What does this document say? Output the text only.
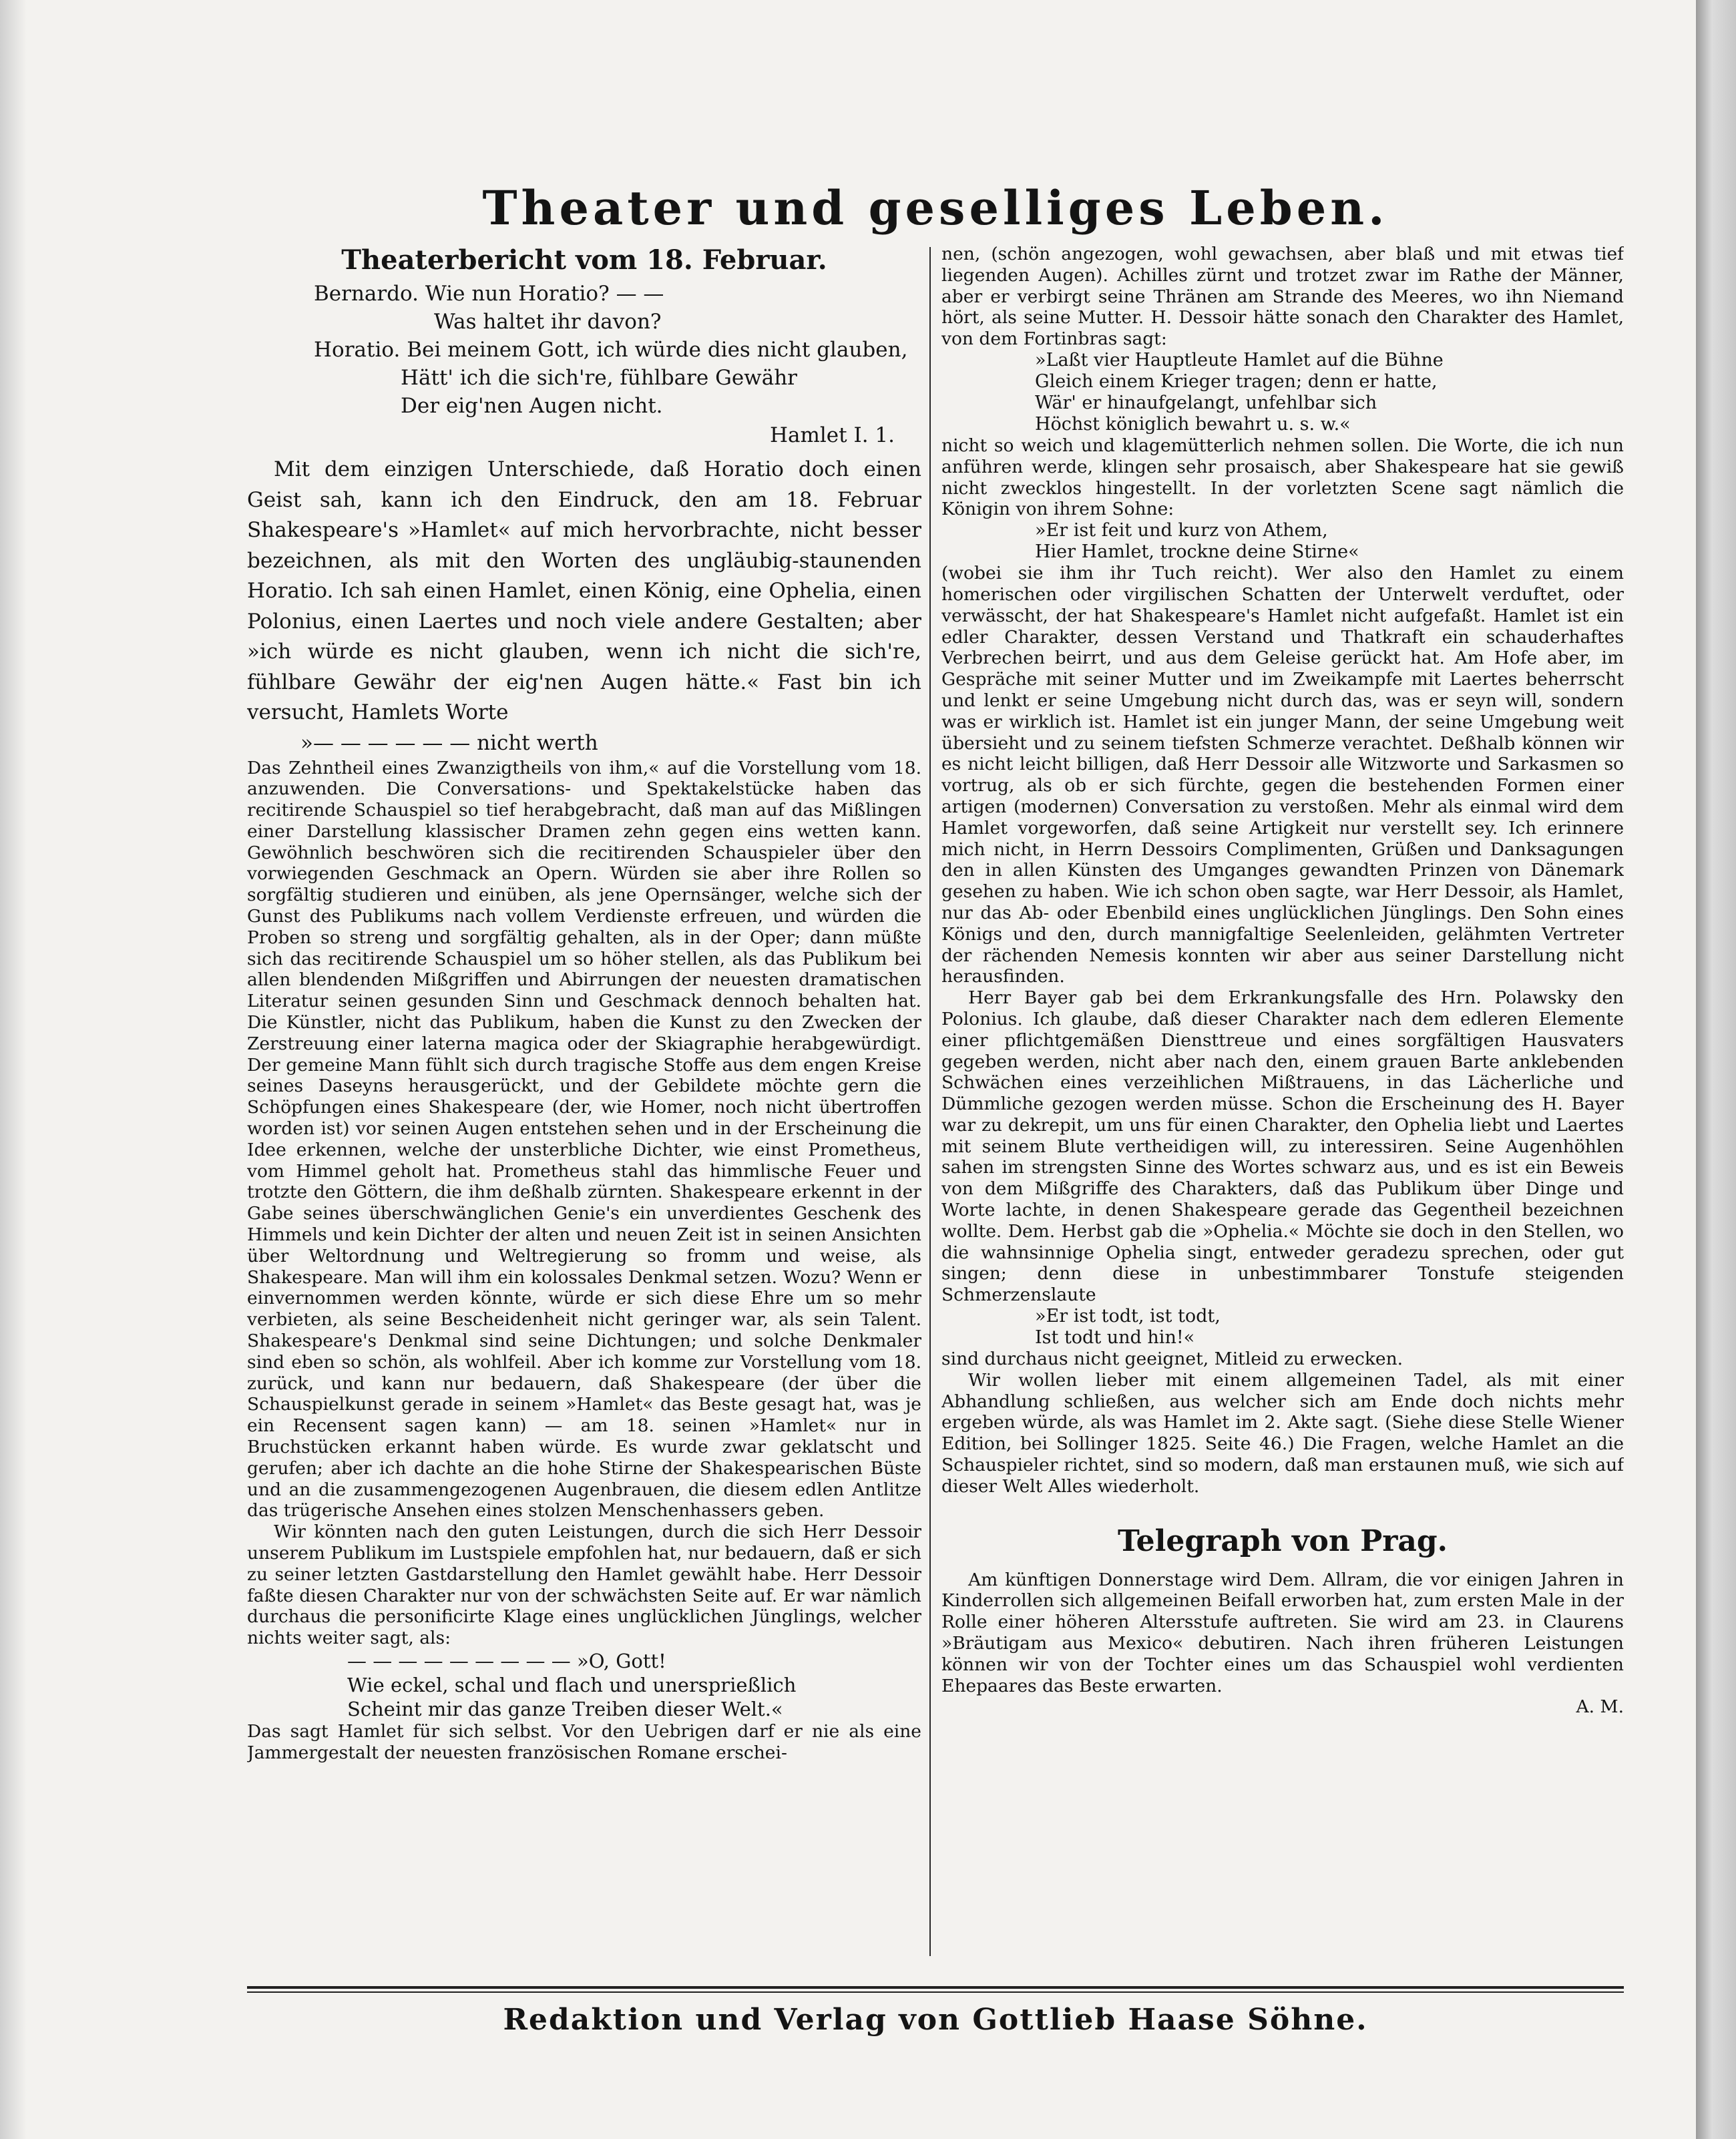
Theater und geselliges Leben.
Theaterbericht vom 18. Februar.

Bernardo. Wie nun Horatio? — —

Was haltet ihr davon?

Horatio. Bei meinem Gott, ich würde dies nicht glauben,

Hätt' ich die sich're, fühlbare Gewähr

Der eig'nen Augen nicht.

Hamlet I. 1.

Mit dem einzigen Unterschiede, daß Horatio doch einen Geist sah, kann ich den Eindruck, den am 18. Februar Shakespeare's »Hamlet« auf mich hervorbrachte, nicht besser bezeichnen, als mit den Worten des ungläubig-staunenden Horatio. Ich sah einen Hamlet, einen König, eine Ophelia, einen Polonius, einen Laertes und noch viele andere Gestalten; aber »ich würde es nicht glauben, wenn ich nicht die sich're, fühlbare Gewähr der eig'nen Augen hätte.« Fast bin ich versucht, Hamlets Worte

»— — — — — — nicht werth

Das Zehntheil eines Zwanzigtheils von ihm,« auf die Vorstellung vom 18. anzuwenden. Die Conversations- und Spektakelstücke haben das recitirende Schauspiel so tief herabgebracht, daß man auf das Mißlingen einer Darstellung klassischer Dramen zehn gegen eins wetten kann. Gewöhnlich beschwören sich die recitirenden Schauspieler über den vorwiegenden Geschmack an Opern. Würden sie aber ihre Rollen so sorgfältig studieren und einüben, als jene Opernsänger, welche sich der Gunst des Publikums nach vollem Verdienste erfreuen, und würden die Proben so streng und sorgfältig gehalten, als in der Oper; dann müßte sich das recitirende Schauspiel um so höher stellen, als das Publikum bei allen blendenden Mißgriffen und Abirrungen der neuesten dramatischen Literatur seinen gesunden Sinn und Geschmack dennoch behalten hat. Die Künstler, nicht das Publikum, haben die Kunst zu den Zwecken der Zerstreuung einer laterna magica oder der Skiagraphie herabgewürdigt. Der gemeine Mann fühlt sich durch tragische Stoffe aus dem engen Kreise seines Daseyns herausgerückt, und der Gebildete möchte gern die Schöpfungen eines Shakespeare (der, wie Homer, noch nicht übertroffen worden ist) vor seinen Augen entstehen sehen und in der Erscheinung die Idee erkennen, welche der unsterbliche Dichter, wie einst Prometheus, vom Himmel geholt hat. Prometheus stahl das himmlische Feuer und trotzte den Göttern, die ihm deßhalb zürnten. Shakespeare erkennt in der Gabe seines überschwänglichen Genie's ein unverdientes Geschenk des Himmels und kein Dichter der alten und neuen Zeit ist in seinen Ansichten über Weltordnung und Weltregierung so fromm und weise, als Shakespeare. Man will ihm ein kolossales Denkmal setzen. Wozu? Wenn er einvernommen werden könnte, würde er sich diese Ehre um so mehr verbieten, als seine Bescheidenheit nicht geringer war, als sein Talent. Shakespeare's Denkmal sind seine Dichtungen; und solche Denkmaler sind eben so schön, als wohlfeil. Aber ich komme zur Vorstellung vom 18. zurück, und kann nur bedauern, daß Shakespeare (der über die Schauspielkunst gerade in seinem »Hamlet« das Beste gesagt hat, was je ein Recensent sagen kann) — am 18. seinen »Hamlet« nur in Bruchstücken erkannt haben würde. Es wurde zwar geklatscht und gerufen; aber ich dachte an die hohe Stirne der Shakespearischen Büste und an die zusammengezogenen Augenbrauen, die diesem edlen Antlitze das trügerische Ansehen eines stolzen Menschenhassers geben.

Wir könnten nach den guten Leistungen, durch die sich Herr Dessoir unserem Publikum im Lustspiele empfohlen hat, nur bedauern, daß er sich zu seiner letzten Gastdarstellung den Hamlet gewählt habe. Herr Dessoir faßte diesen Charakter nur von der schwächsten Seite auf. Er war nämlich durchaus die personificirte Klage eines unglücklichen Jünglings, welcher nichts weiter sagt, als:

— — — — — — — — — »O, Gott!

Wie eckel, schal und flach und unersprießlich

Scheint mir das ganze Treiben dieser Welt.«

Das sagt Hamlet für sich selbst. Vor den Uebrigen darf er nie als eine Jammergestalt der neuesten französischen Romane erschei-

nen, (schön angezogen, wohl gewachsen, aber blaß und mit etwas tief liegenden Augen). Achilles zürnt und trotzet zwar im Rathe der Männer, aber er verbirgt seine Thränen am Strande des Meeres, wo ihn Niemand hört, als seine Mutter. H. Dessoir hätte sonach den Charakter des Hamlet, von dem Fortinbras sagt:

»Laßt vier Hauptleute Hamlet auf die Bühne

Gleich einem Krieger tragen; denn er hatte,

Wär' er hinaufgelangt, unfehlbar sich

Höchst königlich bewahrt u. s. w.«

nicht so weich und klagemütterlich nehmen sollen. Die Worte, die ich nun anführen werde, klingen sehr prosaisch, aber Shakespeare hat sie gewiß nicht zwecklos hingestellt. In der vorletzten Scene sagt nämlich die Königin von ihrem Sohne:

»Er ist feit und kurz von Athem,

Hier Hamlet, trockne deine Stirne«

(wobei sie ihm ihr Tuch reicht). Wer also den Hamlet zu einem homerischen oder virgilischen Schatten der Unterwelt verduftet, oder verwässcht, der hat Shakespeare's Hamlet nicht aufgefaßt. Hamlet ist ein edler Charakter, dessen Verstand und Thatkraft ein schauderhaftes Verbrechen beirrt, und aus dem Geleise gerückt hat. Am Hofe aber, im Gespräche mit seiner Mutter und im Zweikampfe mit Laertes beherrscht und lenkt er seine Umgebung nicht durch das, was er seyn will, sondern was er wirklich ist. Hamlet ist ein junger Mann, der seine Umgebung weit übersieht und zu seinem tiefsten Schmerze verachtet. Deßhalb können wir es nicht leicht billigen, daß Herr Dessoir alle Witzworte und Sarkasmen so vortrug, als ob er sich fürchte, gegen die bestehenden Formen einer artigen (modernen) Conversation zu verstoßen. Mehr als einmal wird dem Hamlet vorgeworfen, daß seine Artigkeit nur verstellt sey. Ich erinnere mich nicht, in Herrn Dessoirs Complimenten, Grüßen und Danksagungen den in allen Künsten des Umganges gewandten Prinzen von Dänemark gesehen zu haben. Wie ich schon oben sagte, war Herr Dessoir, als Hamlet, nur das Ab- oder Ebenbild eines unglücklichen Jünglings. Den Sohn eines Königs und den, durch mannigfaltige Seelenleiden, gelähmten Vertreter der rächenden Nemesis konnten wir aber aus seiner Darstellung nicht herausfinden.

Herr Bayer gab bei dem Erkrankungsfalle des Hrn. Polawsky den Polonius. Ich glaube, daß dieser Charakter nach dem edleren Elemente einer pflichtgemäßen Diensttreue und eines sorgfältigen Hausvaters gegeben werden, nicht aber nach den, einem grauen Barte anklebenden Schwächen eines verzeihlichen Mißtrauens, in das Lächerliche und Dümmliche gezogen werden müsse. Schon die Erscheinung des H. Bayer war zu dekrepit, um uns für einen Charakter, den Ophelia liebt und Laertes mit seinem Blute vertheidigen will, zu interessiren. Seine Augenhöhlen sahen im strengsten Sinne des Wortes schwarz aus, und es ist ein Beweis von dem Mißgriffe des Charakters, daß das Publikum über Dinge und Worte lachte, in denen Shakespeare gerade das Gegentheil bezeichnen wollte. Dem. Herbst gab die »Ophelia.« Möchte sie doch in den Stellen, wo die wahnsinnige Ophelia singt, entweder geradezu sprechen, oder gut singen; denn diese in unbestimmbarer Tonstufe steigenden Schmerzenslaute

»Er ist todt, ist todt,

Ist todt und hin!«

sind durchaus nicht geeignet, Mitleid zu erwecken.

Wir wollen lieber mit einem allgemeinen Tadel, als mit einer Abhandlung schließen, aus welcher sich am Ende doch nichts mehr ergeben würde, als was Hamlet im 2. Akte sagt. (Siehe diese Stelle Wiener Edition, bei Sollinger 1825. Seite 46.) Die Fragen, welche Hamlet an die Schauspieler richtet, sind so modern, daß man erstaunen muß, wie sich auf dieser Welt Alles wiederholt.

Telegraph von Prag.

Am künftigen Donnerstage wird Dem. Allram, die vor einigen Jahren in Kinderrollen sich allgemeinen Beifall erworben hat, zum ersten Male in der Rolle einer höheren Altersstufe auftreten. Sie wird am 23. in Claurens »Bräutigam aus Mexico« debutiren. Nach ihren früheren Leistungen können wir von der Tochter eines um das Schauspiel wohl verdienten Ehepaares das Beste erwarten.

A. M.

Redaktion und Verlag von Gottlieb Haase Söhne.
